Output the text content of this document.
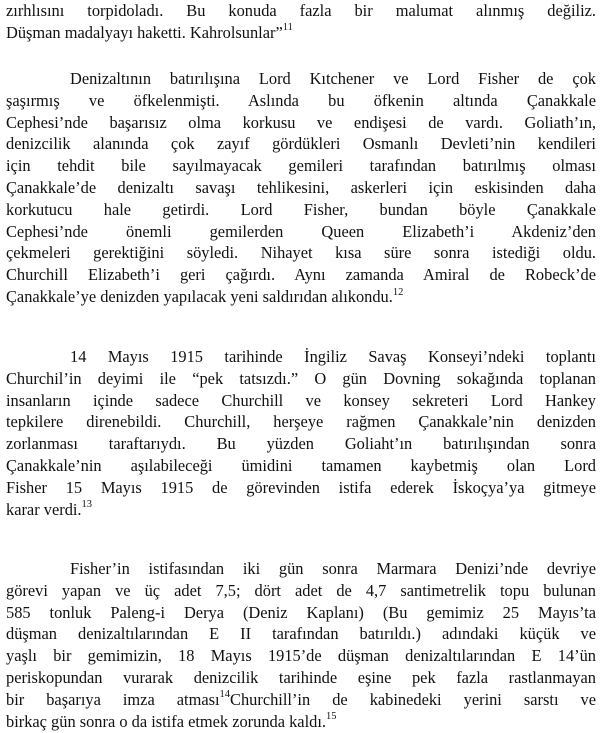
zırhlısını torpidoladı. Bu konuda fazla bir malumat alınmış değiliz.
Düşman madalyayı haketti. Kahrolsunlar”$^{11}$
Denizaltının batırılışına Lord Kıtchener ve Lord Fisher de çok
şaşırmış ve öfkelenmişti. Aslında bu öfkenin altında Çanakkale
Cephesi’nde başarısız olma korkusu ve endişesi de vardı. Goliath’ın,
denizcilik alanında çok zayıf gördükleri Osmanlı Devleti’nin kendileri
için tehdit bile sayılmayacak gemileri tarafından batırılmış olması
Çanakkale’de denizaltı savaşı tehlikesini, askerleri için eskisinden daha
korkutucu hale getirdi. Lord Fisher, bundan böyle Çanakkale
Cephesi’nde önemli gemilerden Queen Elizabeth’i Akdeniz’den
çekmeleri gerektiğini söyledi. Nihayet kısa süre sonra istediği oldu.
Churchill Elizabeth’i geri çağırdı. Aynı zamanda Amiral de Robeck’de
Çanakkale’ye denizden yapılacak yeni saldırıdan alıkondu.$^{12}$
14 Mayıs 1915 tarihinde İngiliz Savaş Konseyi’ndeki toplantı
Churchil’in deyimi ile “pek tatsızdı.” O gün Dovning sokağında toplanan
insanların içinde sadece Churchill ve konsey sekreteri Lord Hankey
tepkilere direnebildi. Churchill, herşeye rağmen Çanakkale’nin denizden
zorlanması taraftarıydı. Bu yüzden Goliaht’ın batırılışından sonra
Çanakkale’nin aşılabileceği ümidini tamamen kaybetmiş olan Lord
Fisher 15 Mayıs 1915 de görevinden istifa ederek İskoçya’ya gitmeye
karar verdi.$^{13}$
Fisher’in istifasından iki gün sonra Marmara Denizi’nde devriye
görevi yapan ve üç adet 7,5; dört adet de 4,7 santimetrelik topu bulunan
585 tonluk Paleng-i Derya (Deniz Kaplanı) (Bu gemimiz 25 Mayıs’ta
düşman denizaltılarından E II tarafından batırıldı.) adındaki küçük ve
yaşlı bir gemimizin, 18 Mayıs 1915’de düşman denizaltılarından E 14’ün
periskopundan vurarak denizcilik tarihinde eşine pek fazla rastlanmayan
bir başarıya imza atması$^{14}$Churchill’in de kabinedeki yerini sarstı ve
birkaç gün sonra o da istifa etmek zorunda kaldı.$^{15}$
